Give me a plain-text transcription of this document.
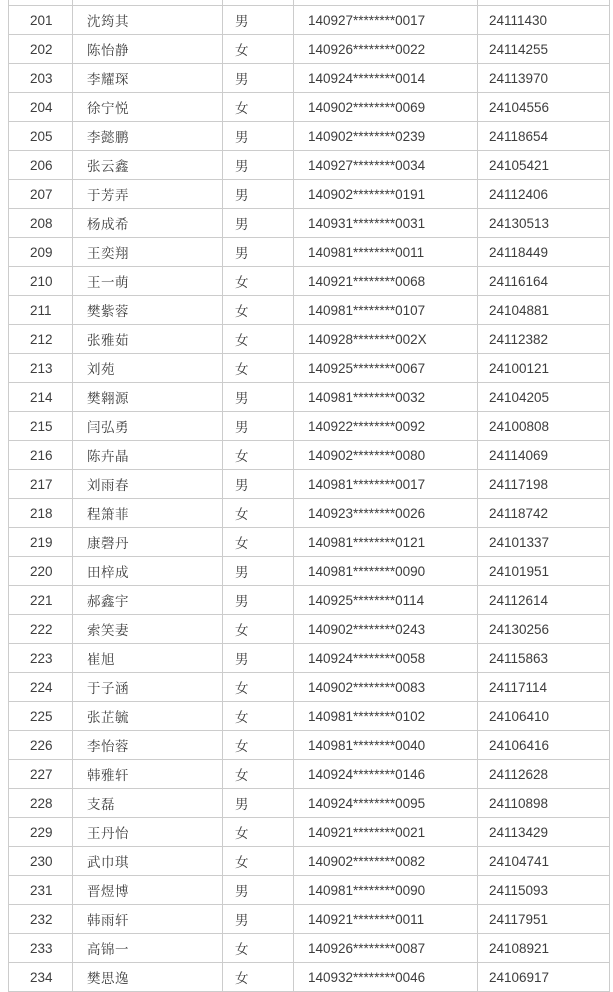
201	沈筠其	男	140927********0017	24111430
202	陈怡静	女	140926********0022	24114255
203	李耀琛	男	140924********0014	24113970
204	徐宁悦	女	140902********0069	24104556
205	李懿鹏	男	140902********0239	24118654
206	张云鑫	男	140927********0034	24105421
207	于芳弄	男	140902********0191	24112406
208	杨成希	男	140931********0031	24130513
209	王奕翔	男	140981********0011	24118449
210	王一萌	女	140921********0068	24116164
211	樊紫蓉	女	140981********0107	24104881
212	张雅茹	女	140928********002X	24112382
213	刘苑	女	140925********0067	24100121
214	樊翱源	男	140981********0032	24104205
215	闫弘勇	男	140922********0092	24100808
216	陈卉晶	女	140902********0080	24114069
217	刘雨春	男	140981********0017	24117198
218	程箫菲	女	140923********0026	24118742
219	康磬丹	女	140981********0121	24101337
220	田梓成	男	140981********0090	24101951
221	郝鑫宇	男	140925********0114	24112614
222	索笑妻	女	140902********0243	24130256
223	崔旭	男	140924********0058	24115863
224	于子涵	女	140902********0083	24117114
225	张芷毓	女	140981********0102	24106410
226	李怡蓉	女	140981********0040	24106416
227	韩雅轩	女	140924********0146	24112628
228	支磊	男	140924********0095	24110898
229	王丹怡	女	140921********0021	24113429
230	武巾琪	女	140902********0082	24104741
231	晋煜博	男	140981********0090	24115093
232	韩雨轩	男	140921********0011	24117951
233	高锦一	女	140926********0087	24108921
234	樊思逸	女	140932********0046	24106917
